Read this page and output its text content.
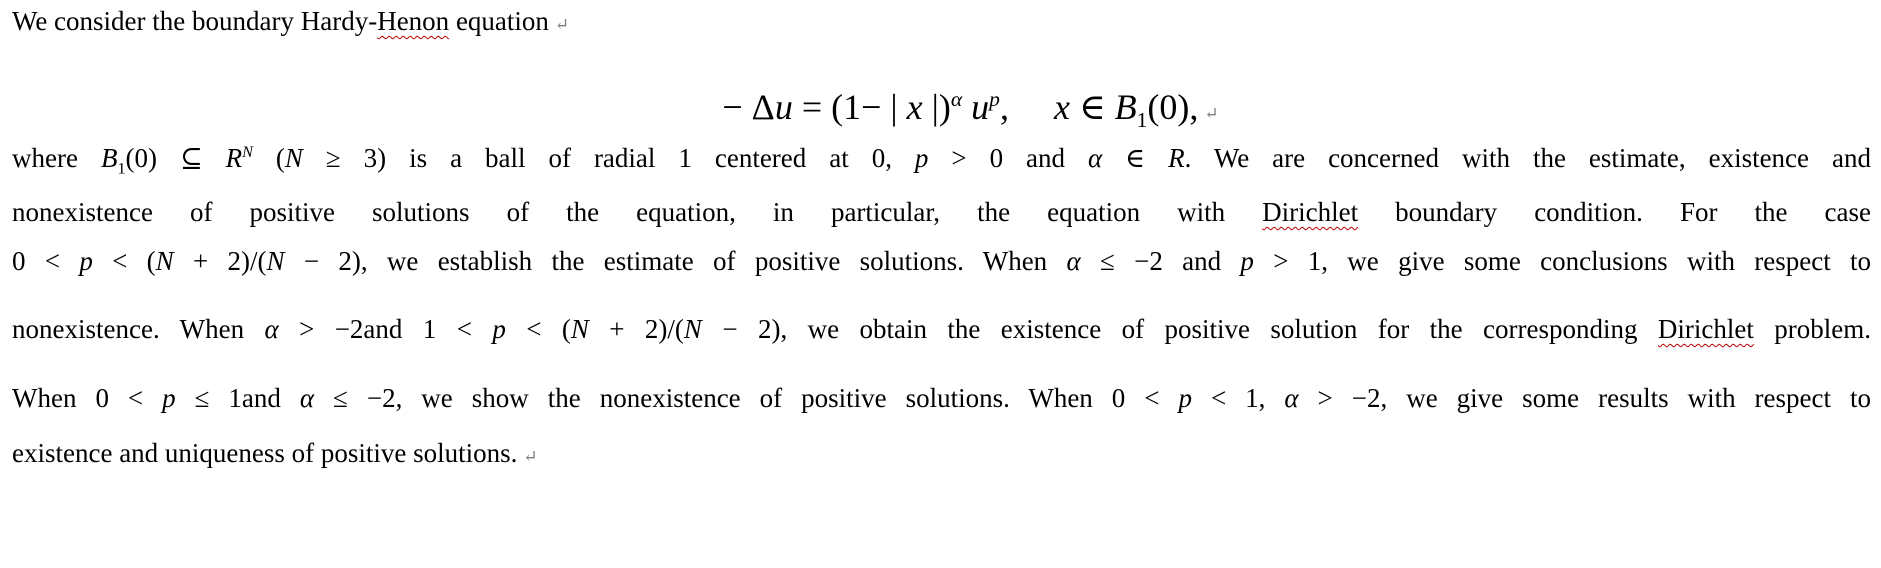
We consider the boundary Hardy-Henon equation ↵
− Δu = (1− | x |)$^\alpha$ $u^p$,     x ∈ $B_1(0)$, ↵
where $B_1(0)$ ⊆ $R^N$ (N ≥ 3) is a ball of radial 1 centered at 0, p > 0 and α ∈ R. We are concerned with the estimate, existence and
nonexistence of positive solutions of the equation, in particular, the equation with Dirichlet boundary condition. For the case
0 < p < (N + 2)/(N − 2), we establish the estimate of positive solutions. When α ≤ −2 and p > 1, we give some conclusions with respect to
nonexistence. When α > −2and 1 < p < (N + 2)/(N − 2), we obtain the existence of positive solution for the corresponding Dirichlet problem.
When 0 < p ≤ 1and α ≤ −2, we show the nonexistence of positive solutions. When 0 < p < 1, α > −2, we give some results with respect to
existence and uniqueness of positive solutions. ↵
